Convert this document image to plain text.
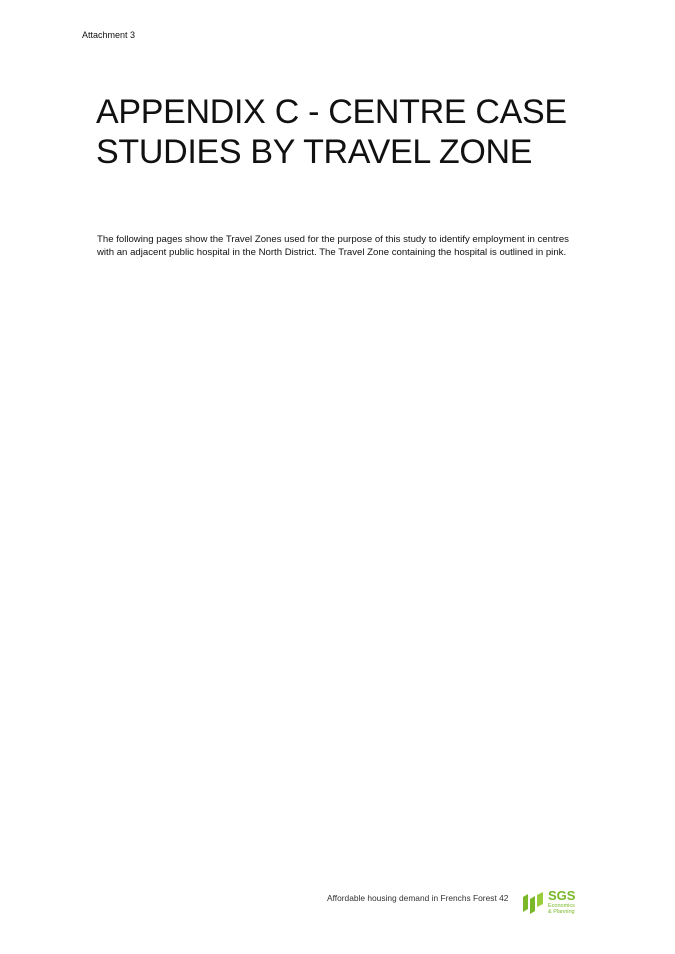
Attachment 3
APPENDIX C - CENTRE CASE
STUDIES BY TRAVEL ZONE

The following pages show the Travel Zones used for the purpose of this study to identify employment in centres with an adjacent public hospital in the North District. The Travel Zone containing the hospital is outlined in pink.

Affordable housing demand in Frenchs Forest 42	SGS
Economics
& Planning
